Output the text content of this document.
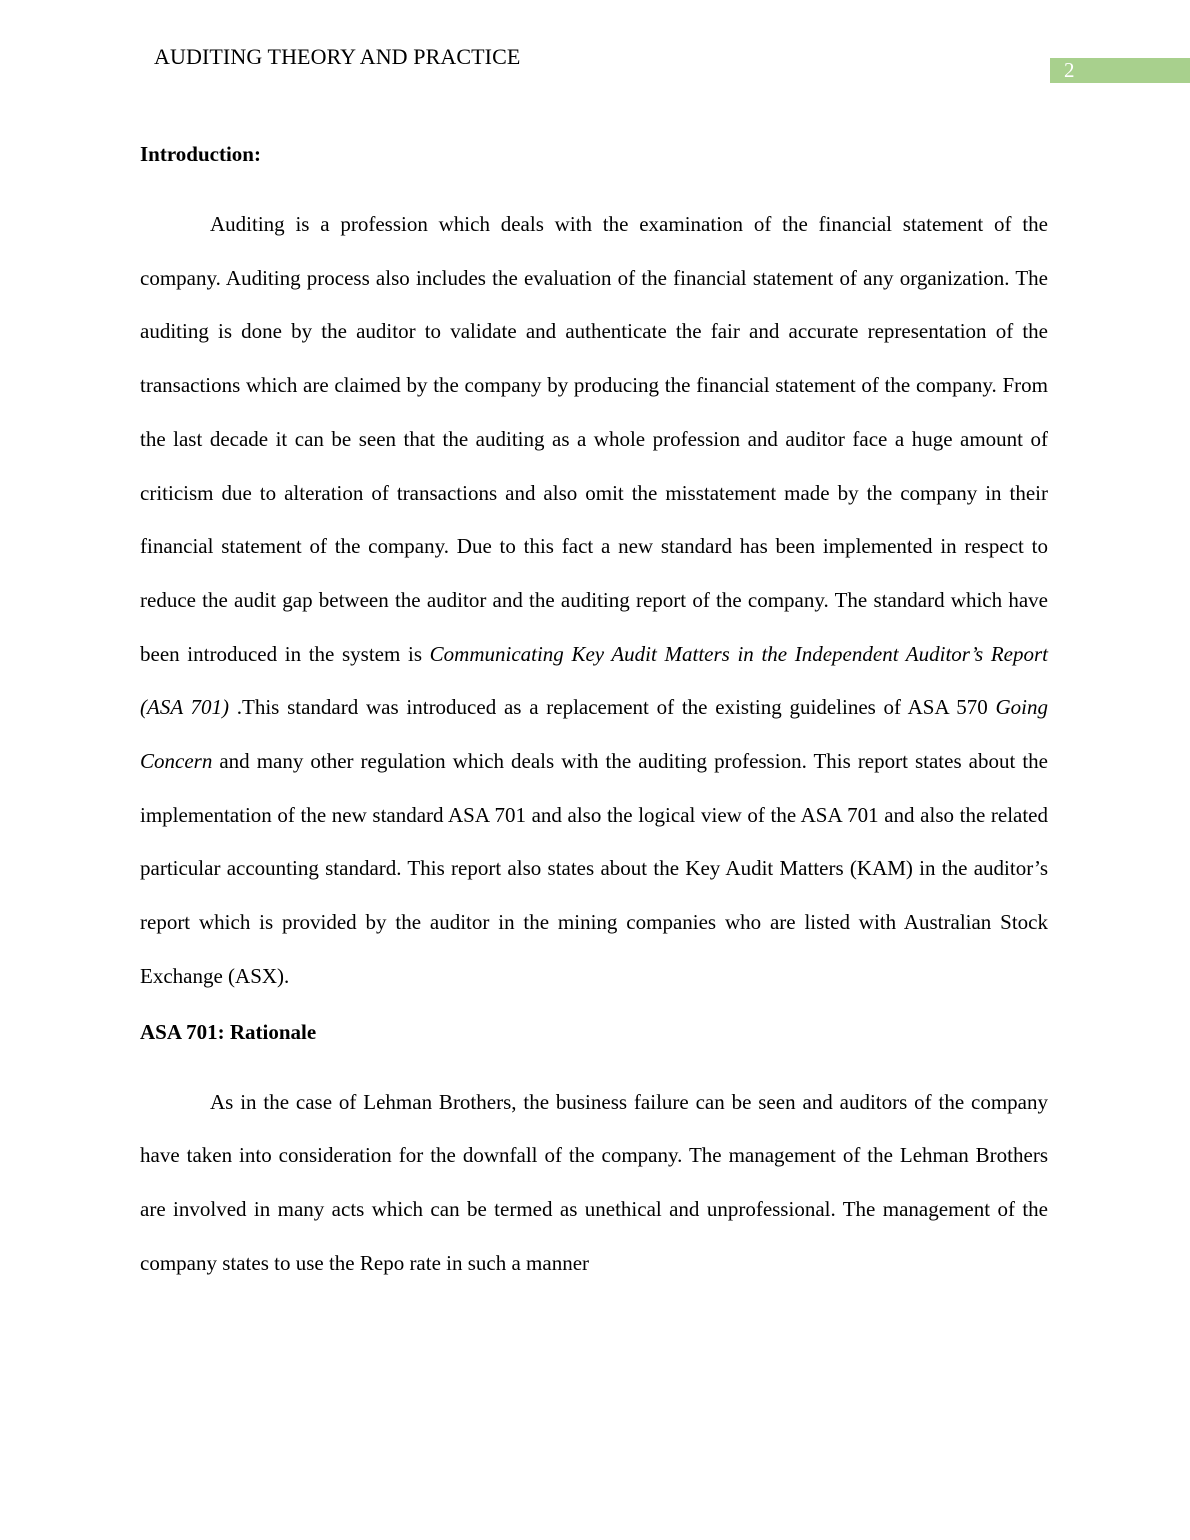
AUDITING THEORY AND PRACTICE
2
Introduction:

Auditing is a profession which deals with the examination of the financial statement of the company. Auditing process also includes the evaluation of the financial statement of any organization. The auditing is done by the auditor to validate and authenticate the fair and accurate representation of the transactions which are claimed by the company by producing the financial statement of the company. From the last decade it can be seen that the auditing as a whole profession and auditor face a huge amount of criticism due to alteration of transactions and also omit the misstatement made by the company in their financial statement of the company. Due to this fact a new standard has been implemented in respect to reduce the audit gap between the auditor and the auditing report of the company. The standard which have been introduced in the system is Communicating Key Audit Matters in the Independent Auditor’s Report (ASA 701) .This standard was introduced as a replacement of the existing guidelines of ASA 570 Going Concern and many other regulation which deals with the auditing profession. This report states about the implementation of the new standard ASA 701 and also the logical view of the ASA 701 and also the related particular accounting standard. This report also states about the Key Audit Matters (KAM) in the auditor’s report which is provided by the auditor in the mining companies who are listed with Australian Stock Exchange (ASX).

ASA 701: Rationale

As in the case of Lehman Brothers, the business failure can be seen and auditors of the company have taken into consideration for the downfall of the company. The management of the Lehman Brothers are involved in many acts which can be termed as unethical and unprofessional. The management of the company states to use the Repo rate in such a manner
